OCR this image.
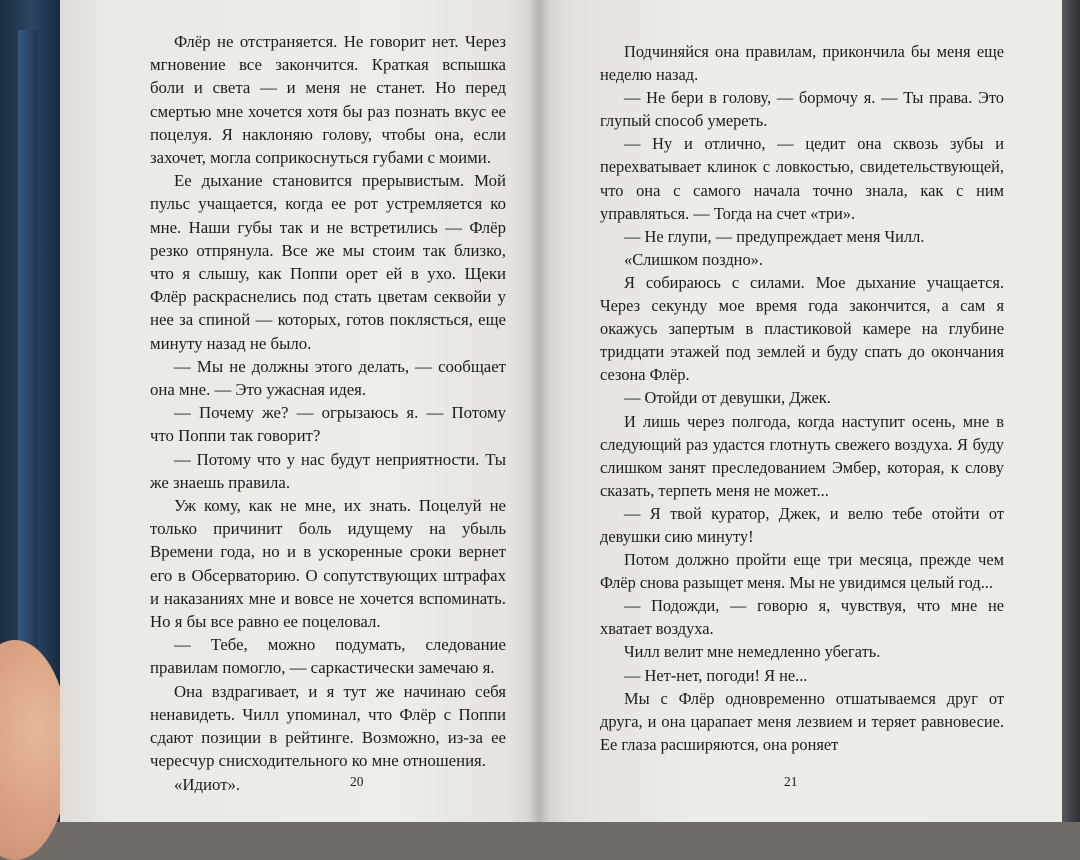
Флёр не отстраняется. Не говорит нет. Через мгновение все закончится. Краткая вспышка боли и света — и меня не станет. Но перед смертью мне хочется хотя бы раз познать вкус ее поцелуя. Я наклоняю голову, чтобы она, если захочет, могла соприкоснуться губами с моими.

Ее дыхание становится прерывистым. Мой пульс учащается, когда ее рот устремляется ко мне. Наши губы так и не встретились — Флёр резко отпрянула. Все же мы стоим так близко, что я слышу, как Поппи орет ей в ухо. Щеки Флёр раскраснелись под стать цветам секвойи у нее за спиной — которых, готов поклясться, еще минуту назад не было.

— Мы не должны этого делать, — сообщает она мне. — Это ужасная идея.

— Почему же? — огрызаюсь я. — Потому что Поппи так говорит?

— Потому что у нас будут неприятности. Ты же знаешь правила.

Уж кому, как не мне, их знать. Поцелуй не только причинит боль идущему на убыль Времени года, но и в ускоренные сроки вернет его в Обсерваторию. О сопутствующих штрафах и наказаниях мне и вовсе не хочется вспоминать. Но я бы все равно ее поцеловал.

— Тебе, можно подумать, следование правилам помогло, — саркастически замечаю я.

Она вздрагивает, и я тут же начинаю себя ненавидеть. Чилл упоминал, что Флёр с Поппи сдают позиции в рейтинге. Возможно, из-за ее чересчур снисходительного ко мне отношения.

«Идиот».	20

Подчиняйся она правилам, прикончила бы меня еще неделю назад.

— Не бери в голову, — бормочу я. — Ты права. Это глупый способ умереть.

— Ну и отлично, — цедит она сквозь зубы и перехватывает клинок с ловкостью, свидетельствующей, что она с самого начала точно знала, как с ним управляться. — Тогда на счет «три».

— Не глупи, — предупреждает меня Чилл.

«Слишком поздно».

Я собираюсь с силами. Мое дыхание учащается. Через секунду мое время года закончится, а сам я окажусь запертым в пластиковой камере на глубине тридцати этажей под землей и буду спать до окончания сезона Флёр.

— Отойди от девушки, Джек.

И лишь через полгода, когда наступит осень, мне в следующий раз удастся глотнуть свежего воздуха. Я буду слишком занят преследованием Эмбер, которая, к слову сказать, терпеть меня не может...

— Я твой куратор, Джек, и велю тебе отойти от девушки сию минуту!

Потом должно пройти еще три месяца, прежде чем Флёр снова разыщет меня. Мы не увидимся целый год...

— Подожди, — говорю я, чувствуя, что мне не хватает воздуха.

Чилл велит мне немедленно убегать.

— Нет-нет, погоди! Я не...

Мы с Флёр одновременно отшатываемся друг от друга, и она царапает меня лезвием и теряет равновесие. Ее глаза расширяются, она роняет

21
